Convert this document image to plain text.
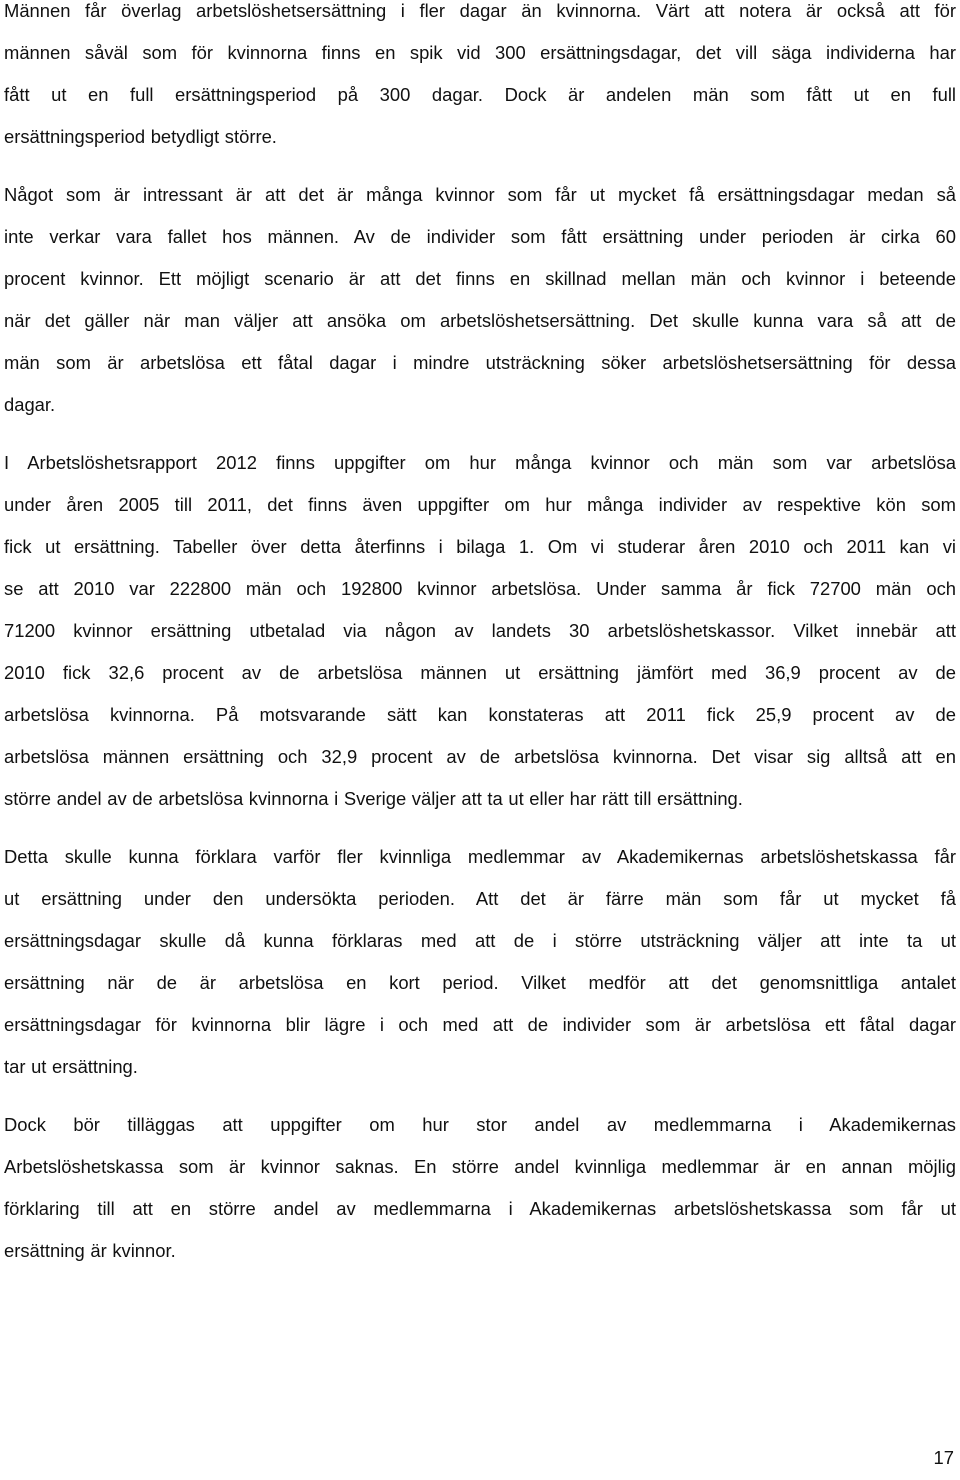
Männen får överlag arbetslöshetsersättning i fler dagar än kvinnorna. Värt att notera är också att för
männen såväl som för kvinnorna finns en spik vid 300 ersättningsdagar, det vill säga individerna har
fått ut en full ersättningsperiod på 300 dagar. Dock är andelen män som fått ut en full
ersättningsperiod betydligt större.
Något som är intressant är att det är många kvinnor som får ut mycket få ersättningsdagar medan så
inte verkar vara fallet hos männen. Av de individer som fått ersättning under perioden är cirka 60
procent kvinnor. Ett möjligt scenario är att det finns en skillnad mellan män och kvinnor i beteende
när det gäller när man väljer att ansöka om arbetslöshetsersättning. Det skulle kunna vara så att de
män som är arbetslösa ett fåtal dagar i mindre utsträckning söker arbetslöshetsersättning för dessa
dagar.
I Arbetslöshetsrapport 2012 finns uppgifter om hur många kvinnor och män som var arbetslösa
under åren 2005 till 2011, det finns även uppgifter om hur många individer av respektive kön som
fick ut ersättning. Tabeller över detta återfinns i bilaga 1. Om vi studerar åren 2010 och 2011 kan vi
se att 2010 var 222800 män och 192800 kvinnor arbetslösa. Under samma år fick 72700 män och
71200 kvinnor ersättning utbetalad via någon av landets 30 arbetslöshetskassor. Vilket innebär att
2010 fick 32,6 procent av de arbetslösa männen ut ersättning jämfört med 36,9 procent av de
arbetslösa kvinnorna. På motsvarande sätt kan konstateras att 2011 fick 25,9 procent av de
arbetslösa männen ersättning och 32,9 procent av de arbetslösa kvinnorna. Det visar sig alltså att en
större andel av de arbetslösa kvinnorna i Sverige väljer att ta ut eller har rätt till ersättning.
Detta skulle kunna förklara varför fler kvinnliga medlemmar av Akademikernas arbetslöshetskassa får
ut ersättning under den undersökta perioden. Att det är färre män som får ut mycket få
ersättningsdagar skulle då kunna förklaras med att de i större utsträckning väljer att inte ta ut
ersättning när de är arbetslösa en kort period. Vilket medför att det genomsnittliga antalet
ersättningsdagar för kvinnorna blir lägre i och med att de individer som är arbetslösa ett fåtal dagar
tar ut ersättning.
Dock bör tilläggas att uppgifter om hur stor andel av medlemmarna i Akademikernas
Arbetslöshetskassa som är kvinnor saknas. En större andel kvinnliga medlemmar är en annan möjlig
förklaring till att en större andel av medlemmarna i Akademikernas arbetslöshetskassa som får ut
ersättning är kvinnor.
17
